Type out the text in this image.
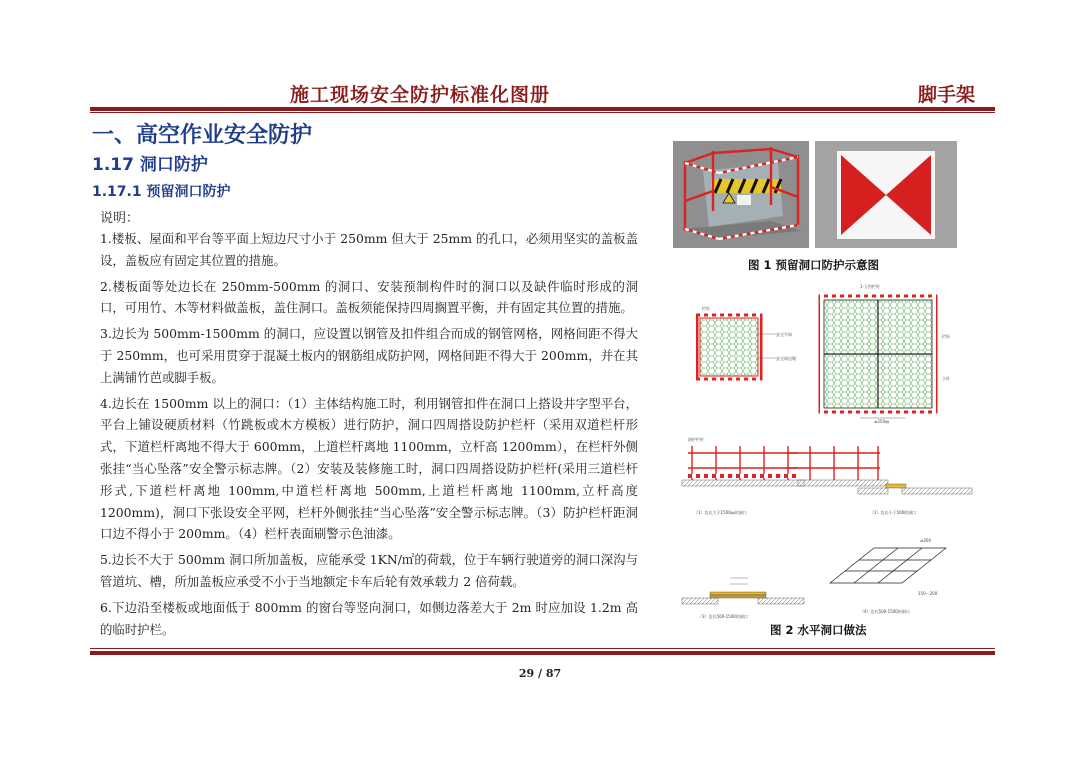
施工现场安全防护标准化图册	脚手架
一、高空作业安全防护
1.17 洞口防护
1.17.1 预留洞口防护
说明：

1.楼板、屋面和平台等平面上短边尺寸小于 250mm 但大于 25mm 的孔口，必须用坚实的盖板盖设，盖板应有固定其位置的措施。

2.楼板面等处边长在 250mm-500mm 的洞口、安装预制构件时的洞口以及缺件临时形成的洞口，可用竹、木等材料做盖板，盖住洞口。盖板须能保持四周搁置平衡，并有固定其位置的措施。

3.边长为 500mm-1500mm 的洞口，应设置以钢管及扣件组合而成的钢管网格，网格间距不得大于 250mm，也可采用贯穿于混凝土板内的钢筋组成防护网，网格间距不得大于 200mm，并在其上满铺竹芭或脚手板。

4.边长在 1500mm 以上的洞口：（1）主体结构施工时，利用钢管扣件在洞口上搭设井字型平台，平台上铺设硬质材料（竹跳板或木方模板）进行防护，洞口四周搭设防护栏杆（采用双道栏杆形式，下道栏杆离地不得大于 600mm，上道栏杆离地 1100mm，立杆高 1200mm），在栏杆外侧张挂“当心坠落”安全警示标志牌。（2）安装及装修施工时，洞口四周搭设防护栏杆(采用三道栏杆形式,下道栏杆离地 100mm,中道栏杆离地 500mm,上道栏杆离地 1100mm,立杆高度 1200mm)，洞口下张设安全平网，栏杆外侧张挂“当心坠落”安全警示标志牌。（3）防护栏杆距洞口边不得小于 200mm。（4）栏杆表面刷警示色油漆。

5.边长不大于 500mm 洞口所加盖板，应能承受 1KN/㎡的荷载，位于车辆行驶道旁的洞口深沟与管道坑、槽，所加盖板应承受不小于当地额定卡车后轮有效承载力 2 倍荷载。

6.下边沿至楼板或地面低于 800mm 的窗台等竖向洞口，如侧边落差大于 2m 时应加设 1.2m 高的临时护栏。

图 1 预留洞口防护示意图
栏杆
安全平网
安全网边绳
1-立档栏杆
栏杆
立杆
≥250㎜
防护栏杆
（1）边长大于1500㎜的洞口	（2）边长小于500的洞口
≥200
150～200
（4）边长500-1500的洞口
（3）边长500-1500的洞口
图 2 水平洞口做法
29 / 87
